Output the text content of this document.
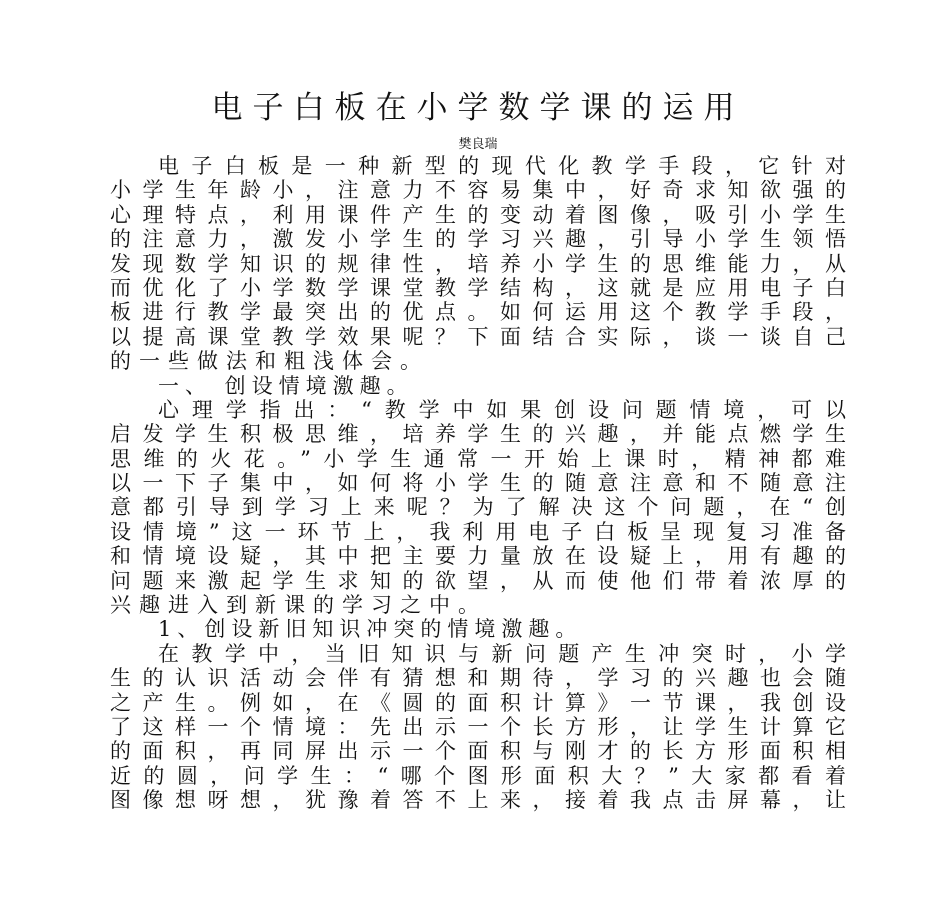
电子白板在小学数学课的运用
樊良瑞
电子白板是一种新型的现代化教学手段，它针对
小学生年龄小，注意力不容易集中，好奇求知欲强的
心理特点，利用课件产生的变动着图像，吸引小学生
的注意力，激发小学生的学习兴趣，引导小学生领悟
发现数学知识的规律性，培养小学生的思维能力，从
而优化了小学数学课堂教学结构，这就是应用电子白
板进行教学最突出的优点。如何运用这个教学手段，
以提高课堂教学效果呢？下面结合实际，谈一谈自己
的一些做法和粗浅体会。
一、 创设情境激趣。
心理学指出：“教学中如果创设问题情境，可以
启发学生积极思维，培养学生的兴趣，并能点燃学生
思维的火花。”小学生通常一开始上课时，精神都难
以一下子集中，如何将小学生的随意注意和不随意注
意都引导到学习上来呢？为了解决这个问题，在“创
设情境”这一环节上，我利用电子白板呈现复习准备
和情境设疑，其中把主要力量放在设疑上，用有趣的
问题来激起学生求知的欲望，从而使他们带着浓厚的
兴趣进入到新课的学习之中。
1、创设新旧知识冲突的情境激趣。
在教学中，当旧知识与新问题产生冲突时，小学
生的认识活动会伴有猜想和期待，学习的兴趣也会随
之产生。例如，在《圆的面积计算》一节课，我创设
了这样一个情境：先出示一个长方形，让学生计算它
的面积，再同屏出示一个面积与刚才的长方形面积相
近的圆，问学生：“哪个图形面积大？”大家都看着
图像想呀想，犹豫着答不上来，接着我点击屏幕，让
